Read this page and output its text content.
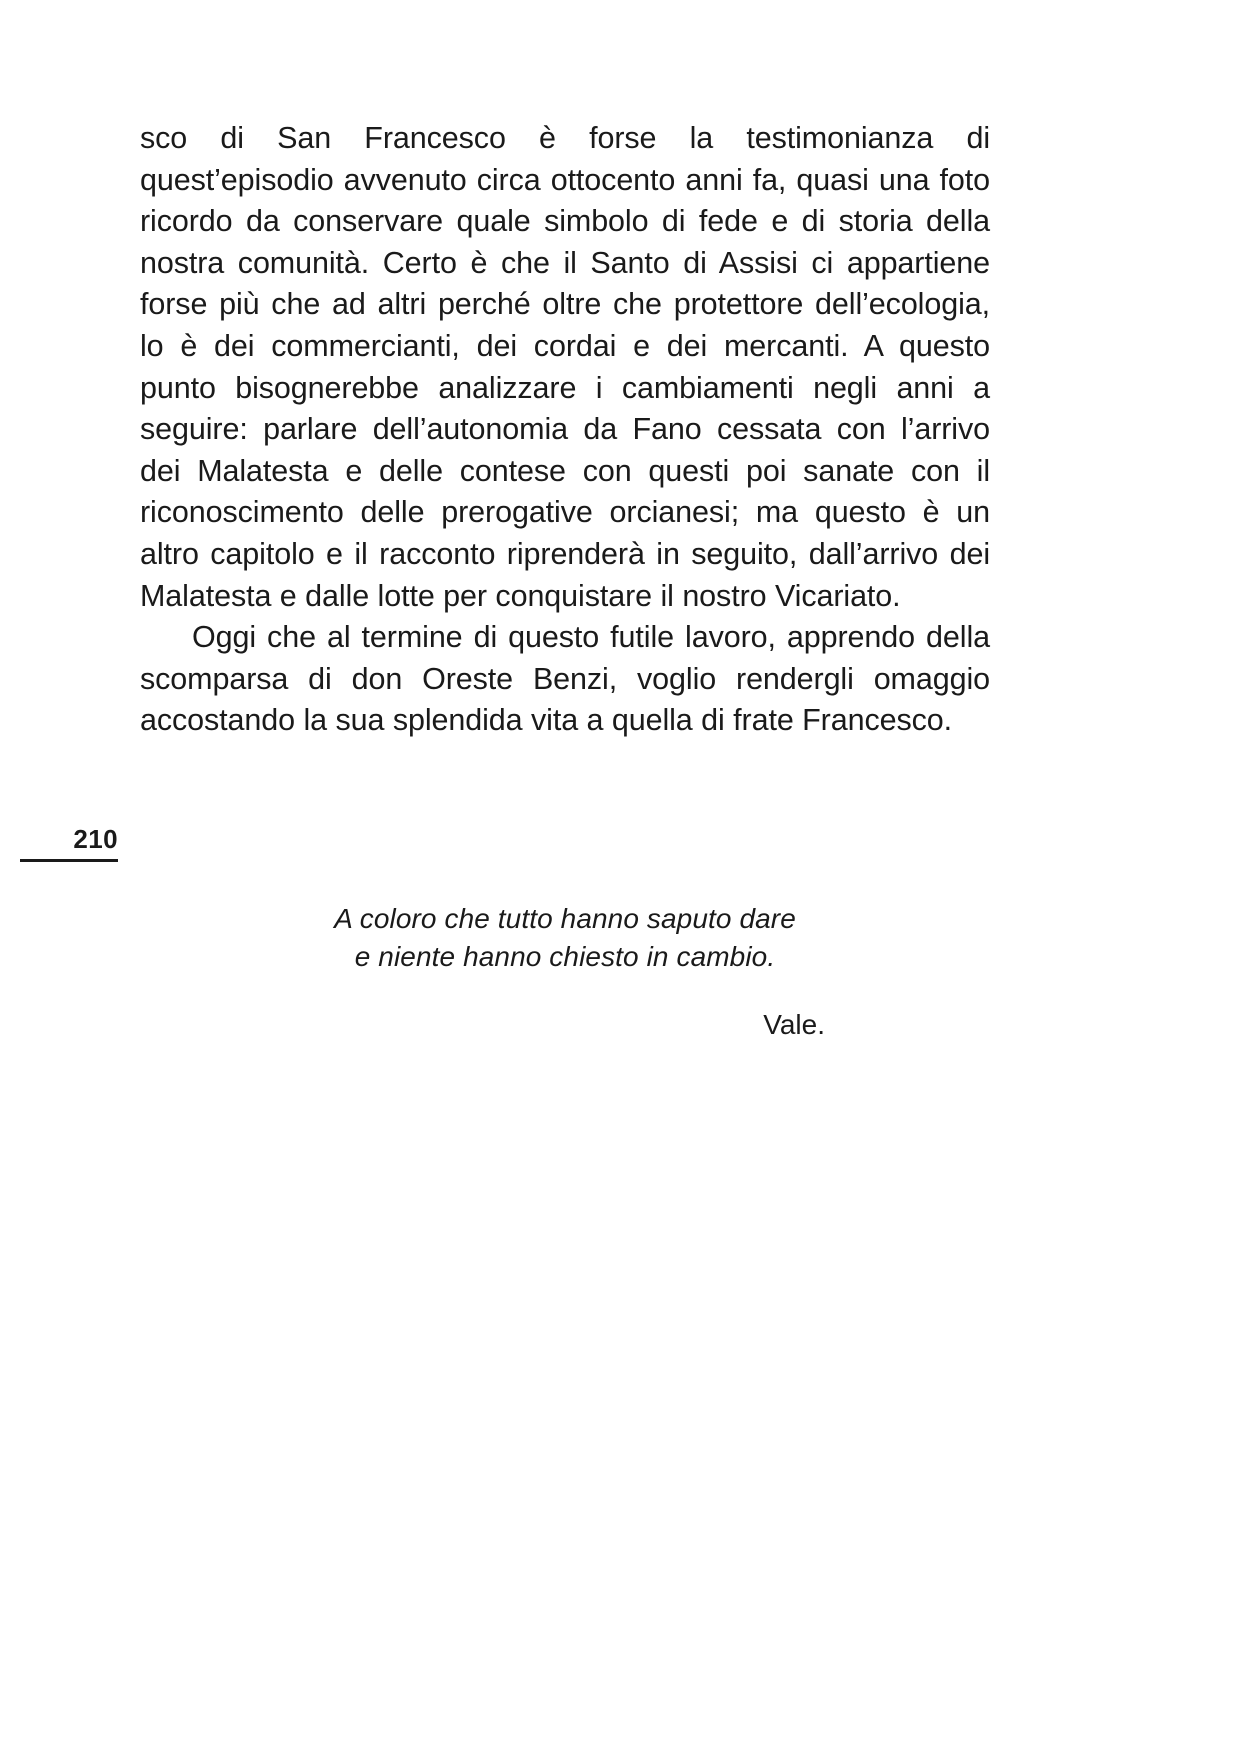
sco di San Francesco è forse la testimonianza di quest’episodio avvenuto circa ottocento anni fa, quasi una foto ricordo da conservare quale simbolo di fede e di storia della nostra comunità. Certo è che il Santo di Assisi ci appartiene forse più che ad altri perché oltre che protettore dell’ecologia, lo è dei commercianti, dei cordai e dei mercanti. A questo punto bisognerebbe analizzare i cambiamenti negli anni a seguire: parlare dell’autonomia da Fano cessata con l’arrivo dei Malatesta e delle contese con questi poi sanate con il riconoscimento delle prerogative orcianesi; ma questo è un altro capitolo e il racconto riprenderà in seguito, dall’arrivo dei Malatesta e dalle lotte per conquistare il nostro Vicariato.

Oggi che al termine di questo futile lavoro, apprendo della scomparsa di don Oreste Benzi, voglio rendergli omaggio accostando la sua splendida vita a quella di frate Francesco.

210
A coloro che tutto hanno saputo dare
e niente hanno chiesto in cambio.
Vale.
